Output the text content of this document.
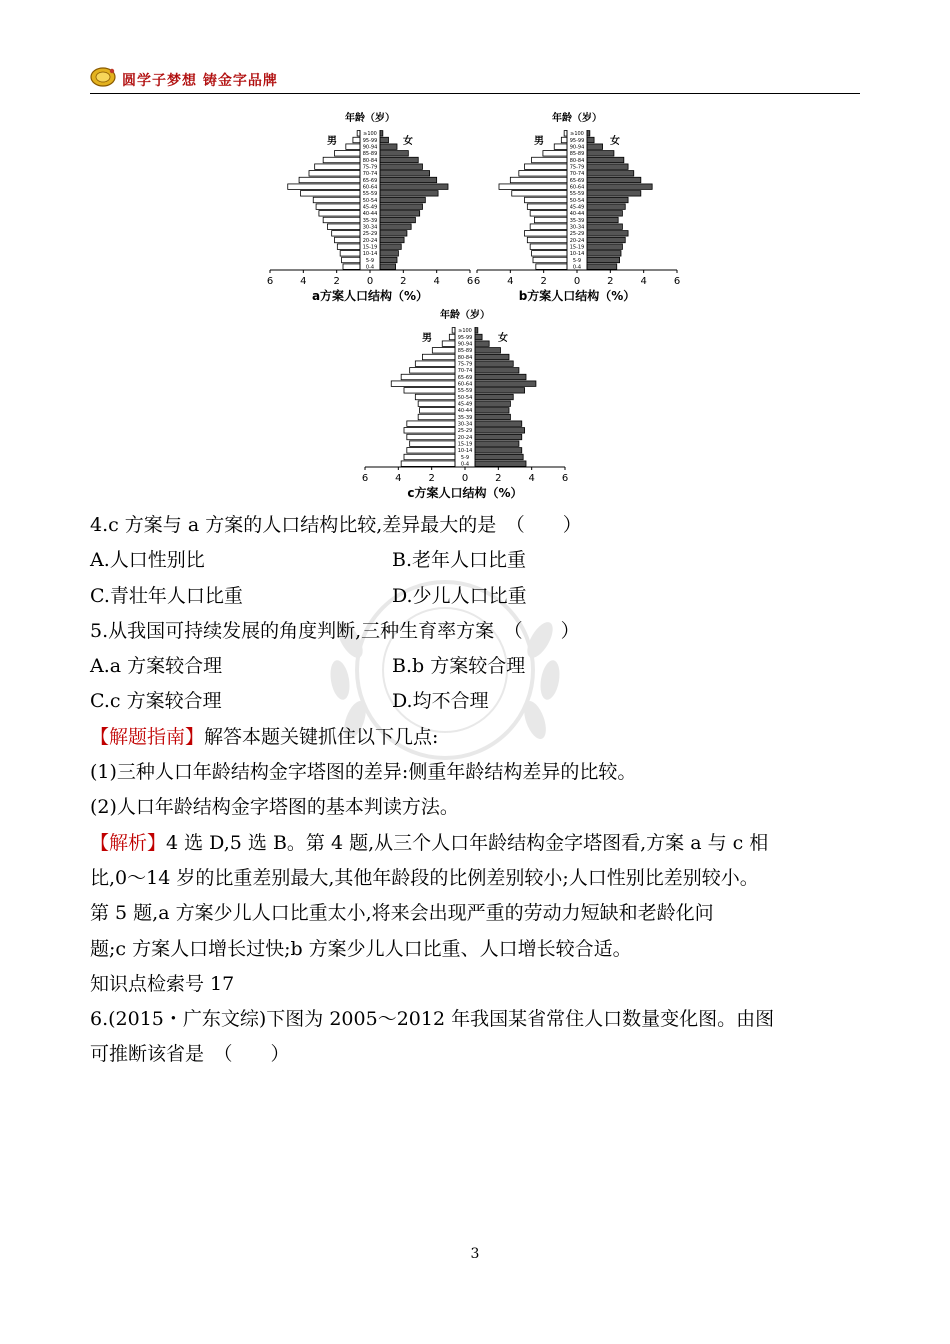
圆学子梦想 铸金字品牌
年龄（岁）
男	女
0-4
5-9
10-14
15-19
20-24
25-29
30-34
35-39
40-44
45-49
50-54
55-59
60-64
65-69
70-74
75-79
80-84
85-89
90-94
95-99
≥100
6	4	2	0	2	4	6
a方案人口结构（%）
年龄（岁）
男	女
0-4
5-9
10-14
15-19
20-24
25-29
30-34
35-39
40-44
45-49
50-54
55-59
60-64
65-69
70-74
75-79
80-84
85-89
90-94
95-99
≥100
6	4	2	0	2	4	6
b方案人口结构（%）
年龄（岁）
男	女
0-4
5-9
10-14
15-19
20-24
25-29
30-34
35-39
40-44
45-49
50-54
55-59
60-64
65-69
70-74
75-79
80-84
85-89
90-94
95-99
≥100
6	4	2	0	2	4	6
c方案人口结构（%）
4.c 方案与 a 方案的人口结构比较,差异最大的是　（　　）
A.人口性别比	B.老年人口比重
C.青壮年人口比重	D.少儿人口比重
5.从我国可持续发展的角度判断,三种生育率方案　（　　）
A.a 方案较合理	B.b 方案较合理
C.c 方案较合理	D.均不合理
【解题指南】解答本题关键抓住以下几点:
(1)三种人口年龄结构金字塔图的差异:侧重年龄结构差异的比较。
(2)人口年龄结构金字塔图的基本判读方法。
【解析】4 选 D,5 选 B。第 4 题,从三个人口年龄结构金字塔图看,方案 a 与 c 相
比,0～14 岁的比重差别最大,其他年龄段的比例差别较小;人口性别比差别较小。
第 5 题,a 方案少儿人口比重太小,将来会出现严重的劳动力短缺和老龄化问
题;c 方案人口增长过快;b 方案少儿人口比重、人口增长较合适。
知识点检索号 17
6.(2015・广东文综)下图为 2005～2012 年我国某省常住人口数量变化图。由图
可推断该省是　（　　）
3
